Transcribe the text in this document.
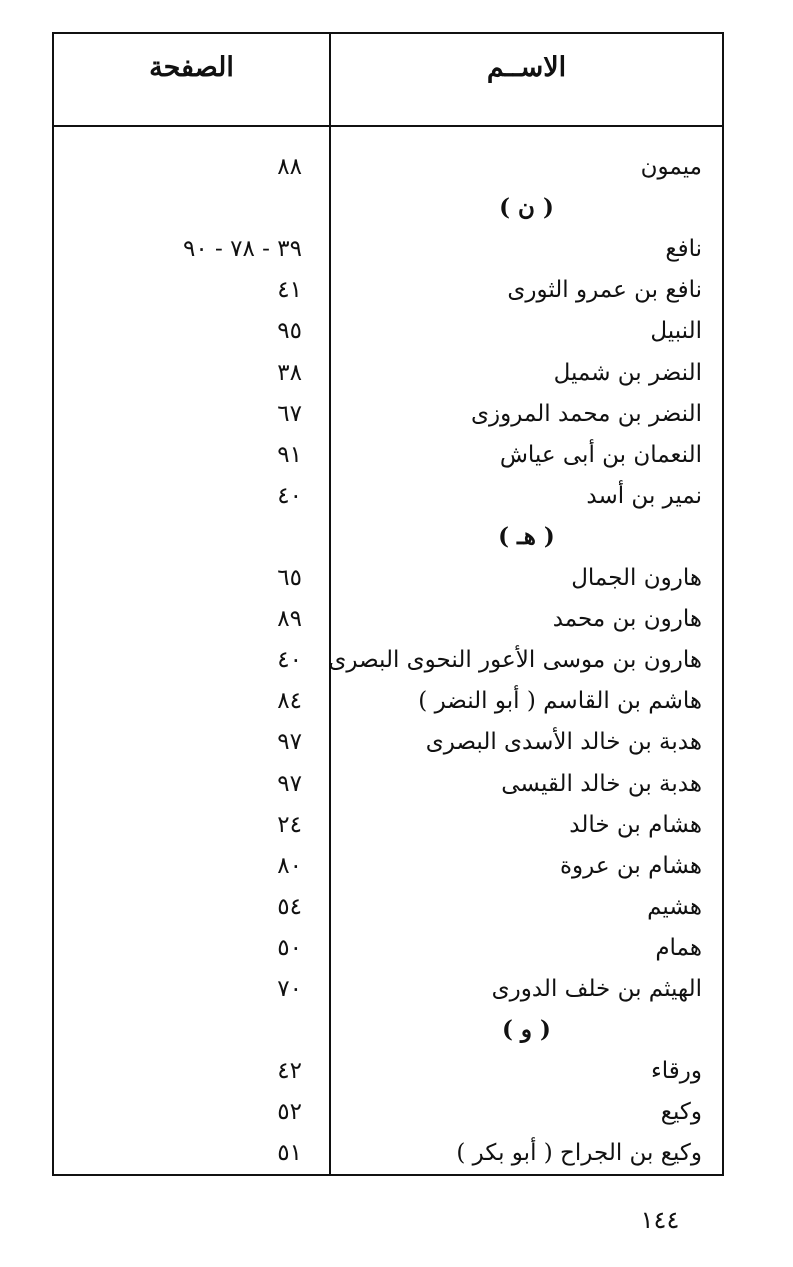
الاســم
الصفحة
ميمون
٨٨
( ن )
نافع
٣٩ - ٧٨ - ٩٠
نافع بن عمرو الثورى
٤١
النبيل
٩٥
النضر بن شميل
٣٨
النضر بن محمد المروزى
٦٧
النعمان بن أبى عياش
٩١
نمير بن أسد
٤٠
( هـ )
هارون الجمال
٦٥
هارون بن محمد
٨٩
هارون بن موسى الأعور النحوى البصرى
٤٠
هاشم بن القاسم ( أبو النضر )
٨٤
هدبة بن خالد الأسدى البصرى
٩٧
هدبة بن خالد القيسى
٩٧
هشام بن خالد
٢٤
هشام بن عروة
٨٠
هشيم
٥٤
همام
٥٠
الهيثم بن خلف الدورى
٧٠
( و )
ورقاء
٤٢
وكيع
٥٢
وكيع بن الجراح ( أبو بكر )
٥١
١٤٤
